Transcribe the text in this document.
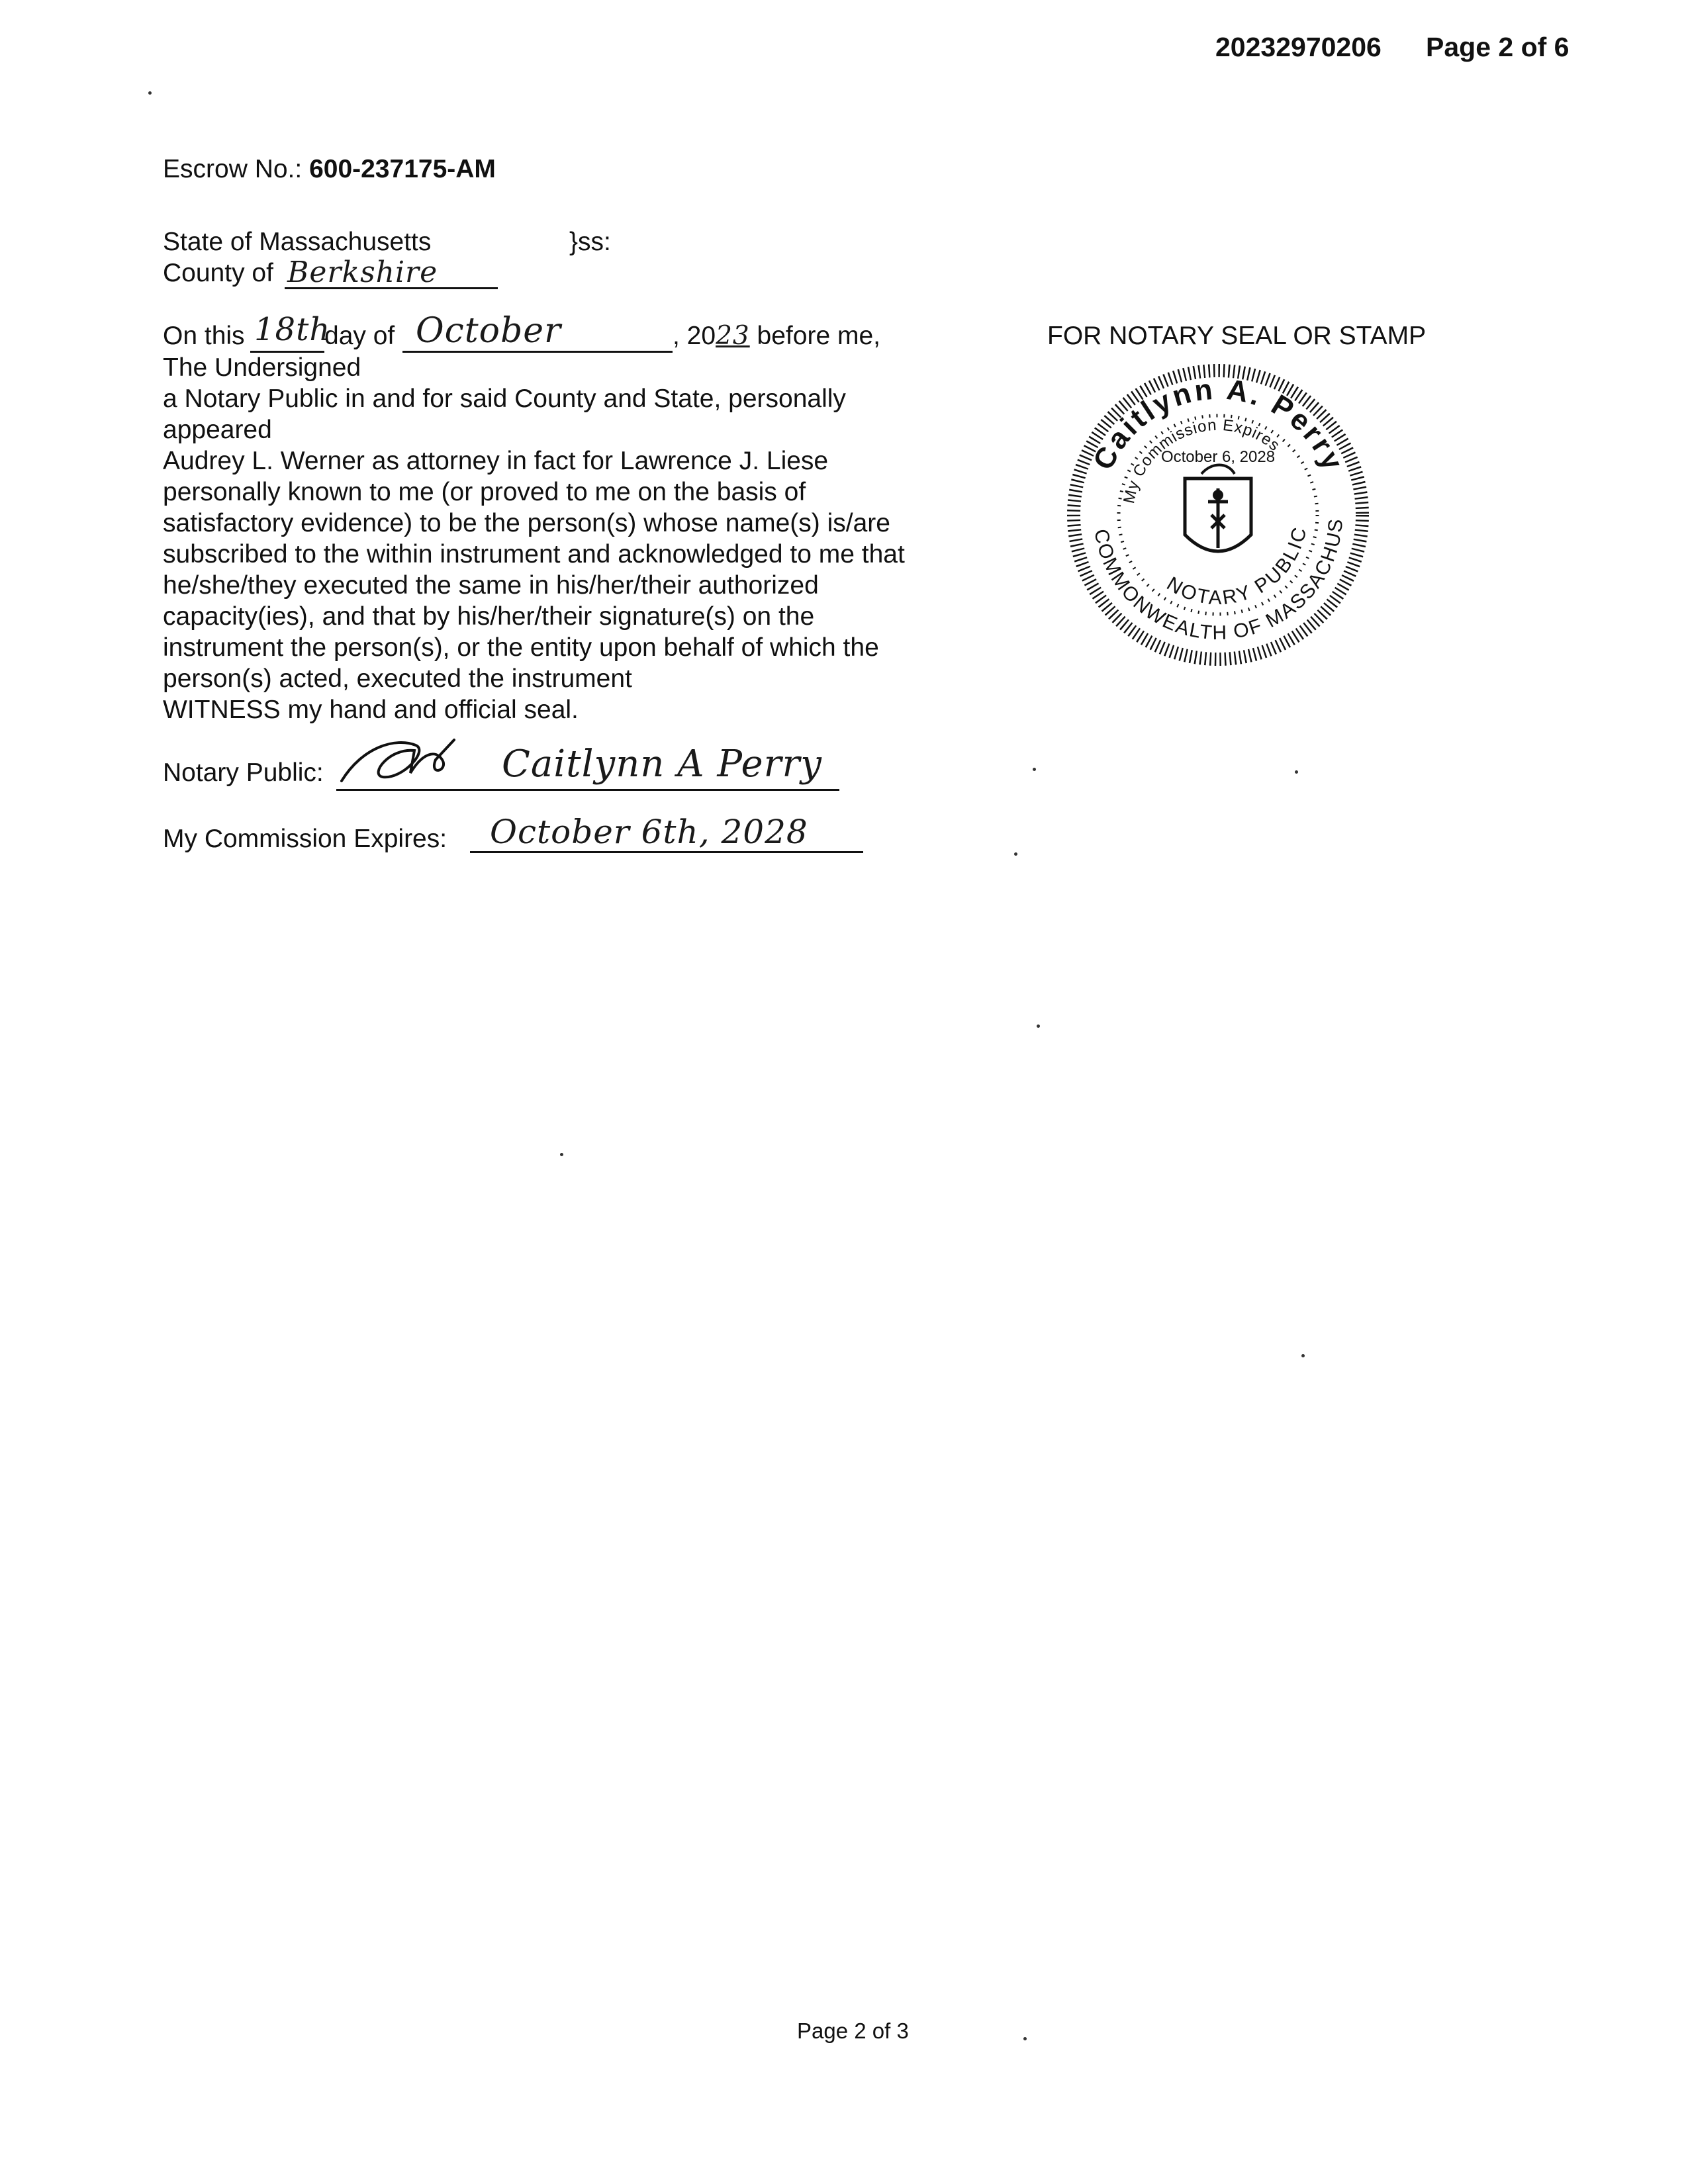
20232970206 Page 2 of 6
Escrow No.: 600-237175-AM
State of Massachusetts	}ss:
County of Berkshire
On this 18th
day of October	, 2023 before me,
The Undersigned
a Notary Public in and for said County and State, personally
appeared
Audrey L. Werner as attorney in fact for Lawrence J. Liese
personally known to me (or proved to me on the basis of
satisfactory evidence) to be the person(s) whose name(s) is/are
subscribed to the within instrument and acknowledged to me that
he/she/they executed the same in his/her/their authorized
capacity(ies), and that by his/her/their signature(s) on the
instrument the person(s), or the entity upon behalf of which the
person(s) acted, executed the instrument
WITNESS my hand and official seal.
Notary Public:	Caitlynn A Perry
My Commission Expires: October 6th, 2028
FOR NOTARY SEAL OR STAMP
Caitlynn A. Perry
My Commission Expires
October 6, 2028
NOTARY PUBLIC
COMMONWEALTH OF MASSACHUS
Page 2 of 3
